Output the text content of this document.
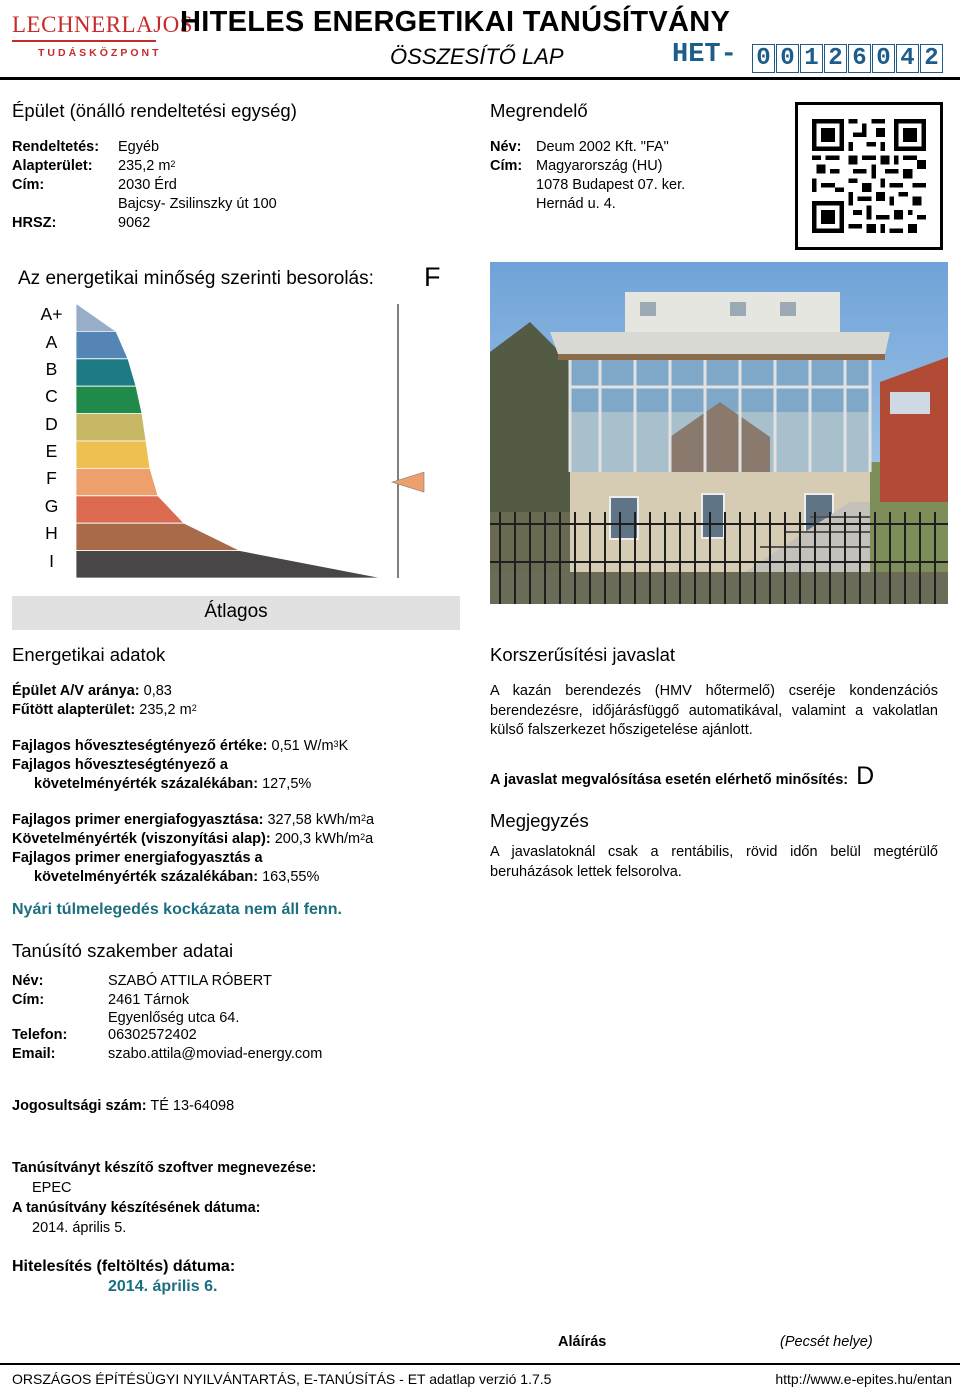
LECHNERLAJOS
TUDÁSKÖZPONT
HITELES ENERGETIKAI TANÚSÍTVÁNY
ÖSSZESÍTŐ LAP	HET- 0 0 1 2 6 0 4 2
Épület (önálló rendeltetési egység)
Rendeltetés:	Egyéb
Alapterület:	235,2 $m^2$
Cím:	2030 Érd
Bajcsy- Zsilinszky út 100
HRSZ:	9062
Megrendelő
Név:	Deum 2002 Kft. "FA"
Cím: Magyarország (HU)
1078 Budapest 07. ker.
Hernád u. 4.
Az energetikai minőség szerinti besorolás: F
A+
A
B
C
D
E
F
G
H
I
Átlagos
Energetikai adatok
Épület A/V aránya: 0,83
Fűtött alapterület: 235,2 $m^2$
Fajlagos hőveszteségtényező értéke: 0,51 $W/m^3K$
Fajlagos hőveszteségtényező a
követelményérték százalékában: 127,5%
Fajlagos primer energiafogyasztása: 327,58 kWh/$m^2a$
Követelményérték (viszonyítási alap): 200,3 kWh/$m^2a$
Fajlagos primer energiafogyasztás a
követelményérték százalékában: 163,55%
Nyári túlmelegedés kockázata nem áll fenn.
Korszerűsítési javaslat
A kazán berendezés (HMV hőtermelő) cseréje kondenzációs berendezésre, időjárásfüggő automatikával, valamint a vakolatlan külső falszerkezet hőszigetelése ajánlott.
A javaslat megvalósítása esetén elérhető minősítés: D
Megjegyzés
A javaslatoknál csak a rentábilis, rövid időn belül megtérülő beruházások lettek felsorolva.
Tanúsító szakember adatai
Név:	SZABÓ ATTILA RÓBERT
Cím:	2461 Tárnok
Egyenlőség utca 64.
Telefon:	06302572402
Email:	szabo.attila@moviad-energy.com
Jogosultsági szám: TÉ 13-64098
Tanúsítványt készítő szoftver megnevezése:
EPEC
A tanúsítvány készítésének dátuma:
2014. április 5.
Hitelesítés (feltöltés) dátuma:
2014. április 6.
Aláírás	(Pecsét helye)
ORSZÁGOS ÉPÍTÉSÜGYI NYILVÁNTARTÁS, E-TANÚSÍTÁS - ET adatlap verzió 1.7.5	http://www.e-epites.hu/entan
